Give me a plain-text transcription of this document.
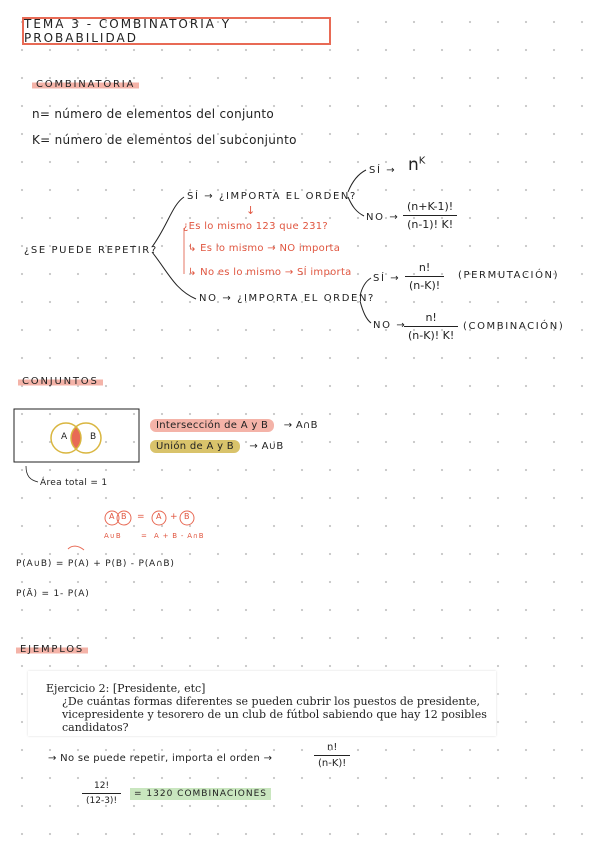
TEMA 3 - COMBINATORIA Y PROBABILIDAD
COMBINATORIA
n= número de elementos del conjunto
K= número de elementos del subconjunto
¿SE PUEDE REPETIR?
SÍ → ¿IMPORTA EL ORDEN?
↓
¿Es lo mismo 123 que 231?
↳ Es lo mismo → NO importa
↳ No es lo mismo → SÍ importa
NO → ¿IMPORTA EL ORDEN?
SÍ → $n^K$
NO → $\frac{(n+K-1)!}{(n-1)! K!}$
SÍ → $\frac{n!}{(n-K)!}$ (PERMUTACIÓN)
NO →
$\frac{n!}{(n-K)! K!}$ (COMBINACIÓN)
CONJUNTOS
A	B
Intersección de A y B → A∩B
Unión de A y B → A∪B
Área total = 1
A B = A + B
A∪B	= A + B - A∩B
P(A∪B) = P(A) + P(B) - P(A∩B)
P(Ā) = 1- P(A)
EJEMPLOS
Ejercicio 2: [Presidente, etc]
¿De cuántas formas diferentes se pueden cubrir los puestos de presidente, vicepresidente y tesorero de un club de fútbol sabiendo que hay 12 posibles candidatos?
→ No se puede repetir, importa el orden →	$\frac{n!}{(n-K)!}$
$\frac{12!}{(12-3)!}$	= 1320 COMBINACIONES
